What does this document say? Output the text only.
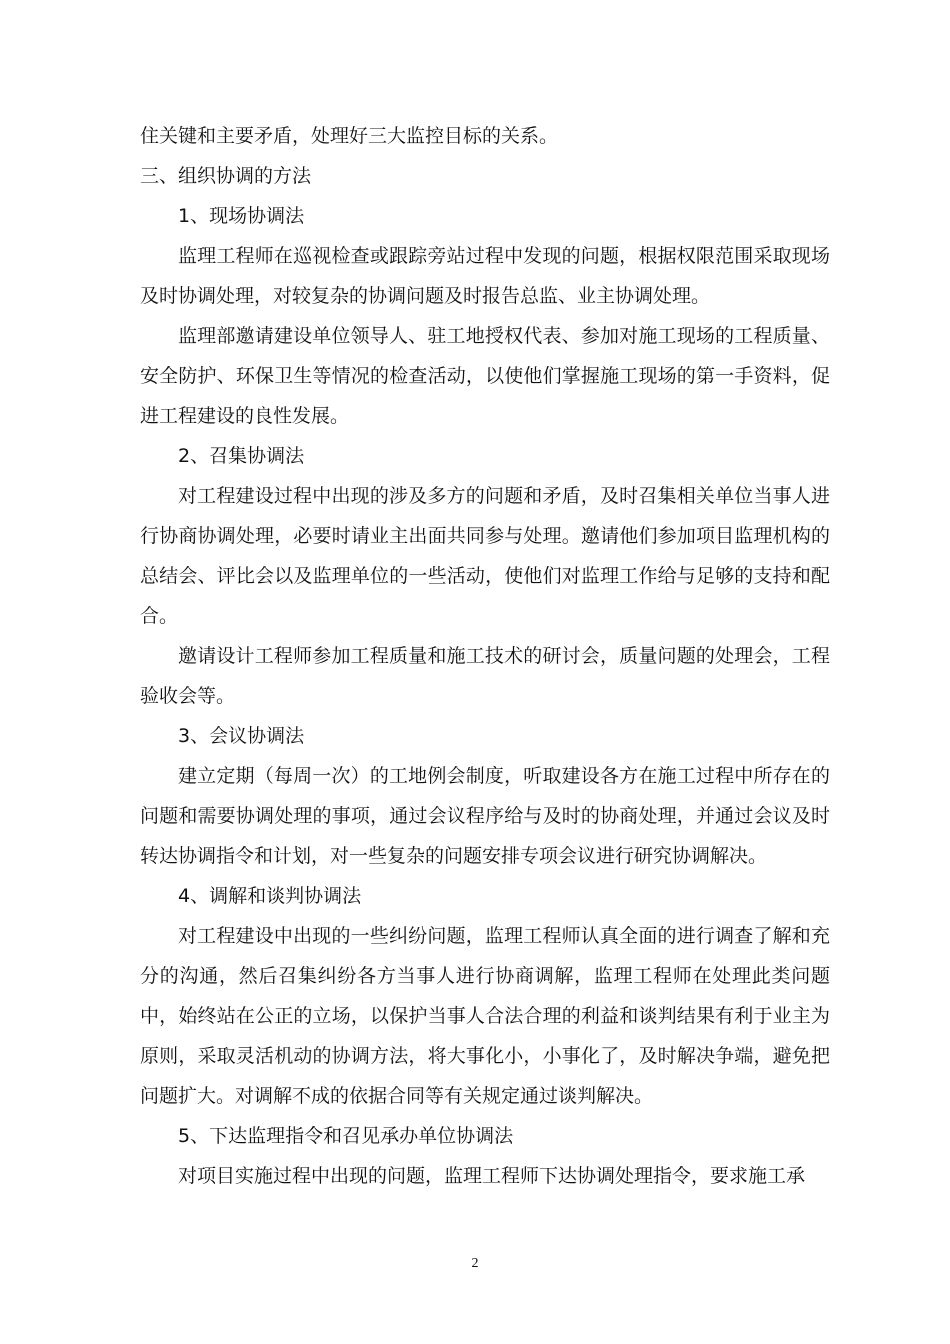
住关键和主要矛盾，处理好三大监控目标的关系。

三、组织协调的方法

1、现场协调法

监理工程师在巡视检查或跟踪旁站过程中发现的问题，根据权限范围采取现场及时协调处理，对较复杂的协调问题及时报告总监、业主协调处理。

监理部邀请建设单位领导人、驻工地授权代表、参加对施工现场的工程质量、安全防护、环保卫生等情况的检查活动，以使他们掌握施工现场的第一手资料，促进工程建设的良性发展。

2、召集协调法

对工程建设过程中出现的涉及多方的问题和矛盾，及时召集相关单位当事人进行协商协调处理，必要时请业主出面共同参与处理。邀请他们参加项目监理机构的总结会、评比会以及监理单位的一些活动，使他们对监理工作给与足够的支持和配合。

邀请设计工程师参加工程质量和施工技术的研讨会，质量问题的处理会，工程验收会等。

3、会议协调法

建立定期（每周一次）的工地例会制度，听取建设各方在施工过程中所存在的问题和需要协调处理的事项，通过会议程序给与及时的协商处理，并通过会议及时转达协调指令和计划，对一些复杂的问题安排专项会议进行研究协调解决。

4、调解和谈判协调法

对工程建设中出现的一些纠纷问题，监理工程师认真全面的进行调查了解和充分的沟通，然后召集纠纷各方当事人进行协商调解，监理工程师在处理此类问题中，始终站在公正的立场，以保护当事人合法合理的利益和谈判结果有利于业主为原则，采取灵活机动的协调方法，将大事化小，小事化了，及时解决争端，避免把问题扩大。对调解不成的依据合同等有关规定通过谈判解决。

5、下达监理指令和召见承办单位协调法

对项目实施过程中出现的问题，监理工程师下达协调处理指令，要求施工承

2
